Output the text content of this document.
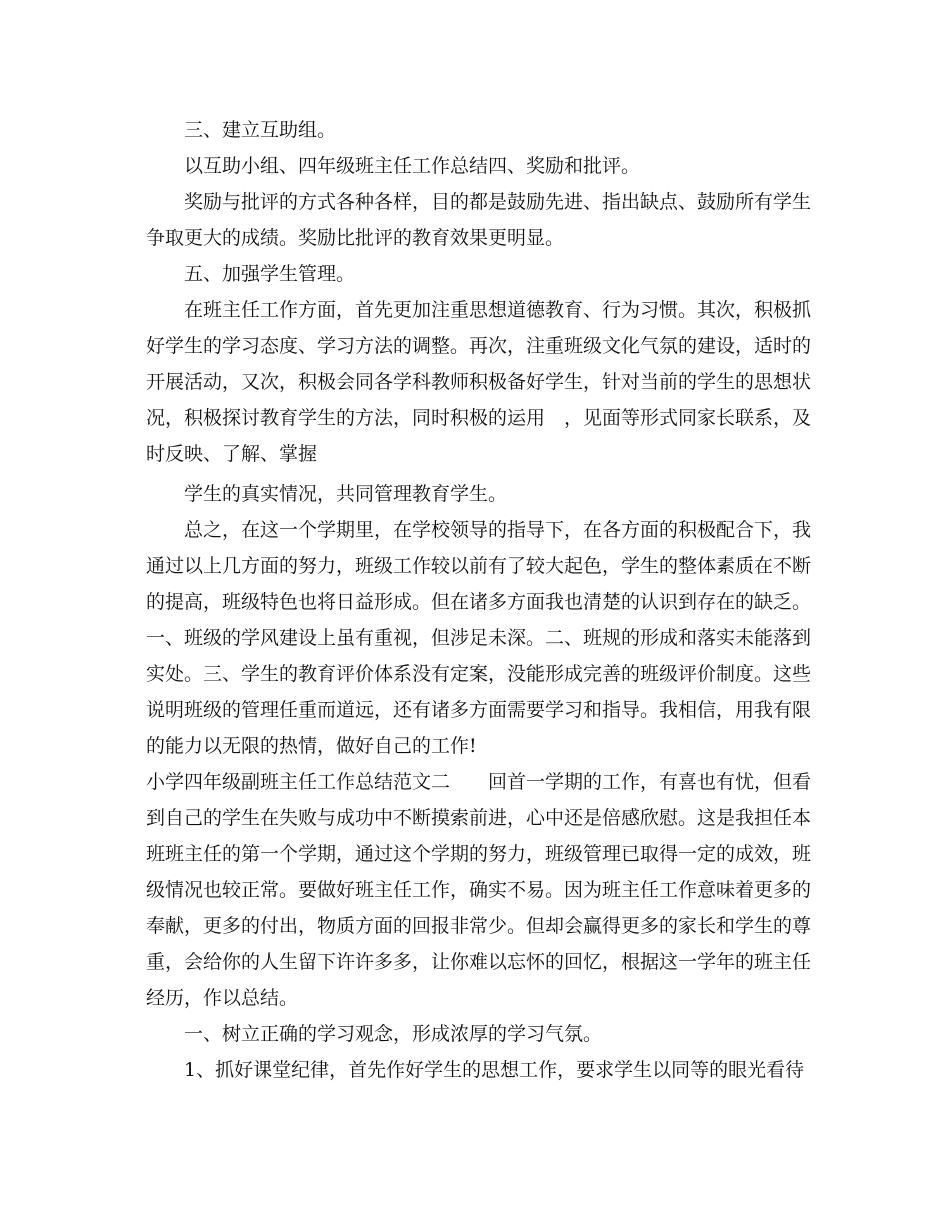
三、建立互助组。
以互助小组、四年级班主任工作总结四、奖励和批评。
奖励与批评的方式各种各样，目的都是鼓励先进、指出缺点、鼓励所有学生
争取更大的成绩。奖励比批评的教育效果更明显。
五、加强学生管理。
在班主任工作方面，首先更加注重思想道德教育、行为习惯。其次，积极抓
好学生的学习态度、学习方法的调整。再次，注重班级文化气氛的建设，适时的
开展活动，又次，积极会同各学科教师积极备好学生，针对当前的学生的思想状
况，积极探讨教育学生的方法，同时积极的运用　，见面等形式同家长联系，及
时反映、了解、掌握
学生的真实情况，共同管理教育学生。
总之，在这一个学期里，在学校领导的指导下，在各方面的积极配合下，我
通过以上几方面的努力，班级工作较以前有了较大起色，学生的整体素质在不断
的提高，班级特色也将日益形成。但在诸多方面我也清楚的认识到存在的缺乏。
一、班级的学风建设上虽有重视，但涉足未深。二、班规的形成和落实未能落到
实处。三、学生的教育评价体系没有定案，没能形成完善的班级评价制度。这些
说明班级的管理任重而道远，还有诸多方面需要学习和指导。我相信，用我有限
的能力以无限的热情，做好自己的工作!
小学四年级副班主任工作总结范文二　　回首一学期的工作，有喜也有忧，但看
到自己的学生在失败与成功中不断摸索前进，心中还是倍感欣慰。这是我担任本
班班主任的第一个学期，通过这个学期的努力，班级管理已取得一定的成效，班
级情况也较正常。要做好班主任工作，确实不易。因为班主任工作意味着更多的
奉献，更多的付出，物质方面的回报非常少。但却会赢得更多的家长和学生的尊
重，会给你的人生留下许许多多，让你难以忘怀的回忆，根据这一学年的班主任
经历，作以总结。
一、树立正确的学习观念，形成浓厚的学习气氛。
1、抓好课堂纪律，首先作好学生的思想工作，要求学生以同等的眼光看待
